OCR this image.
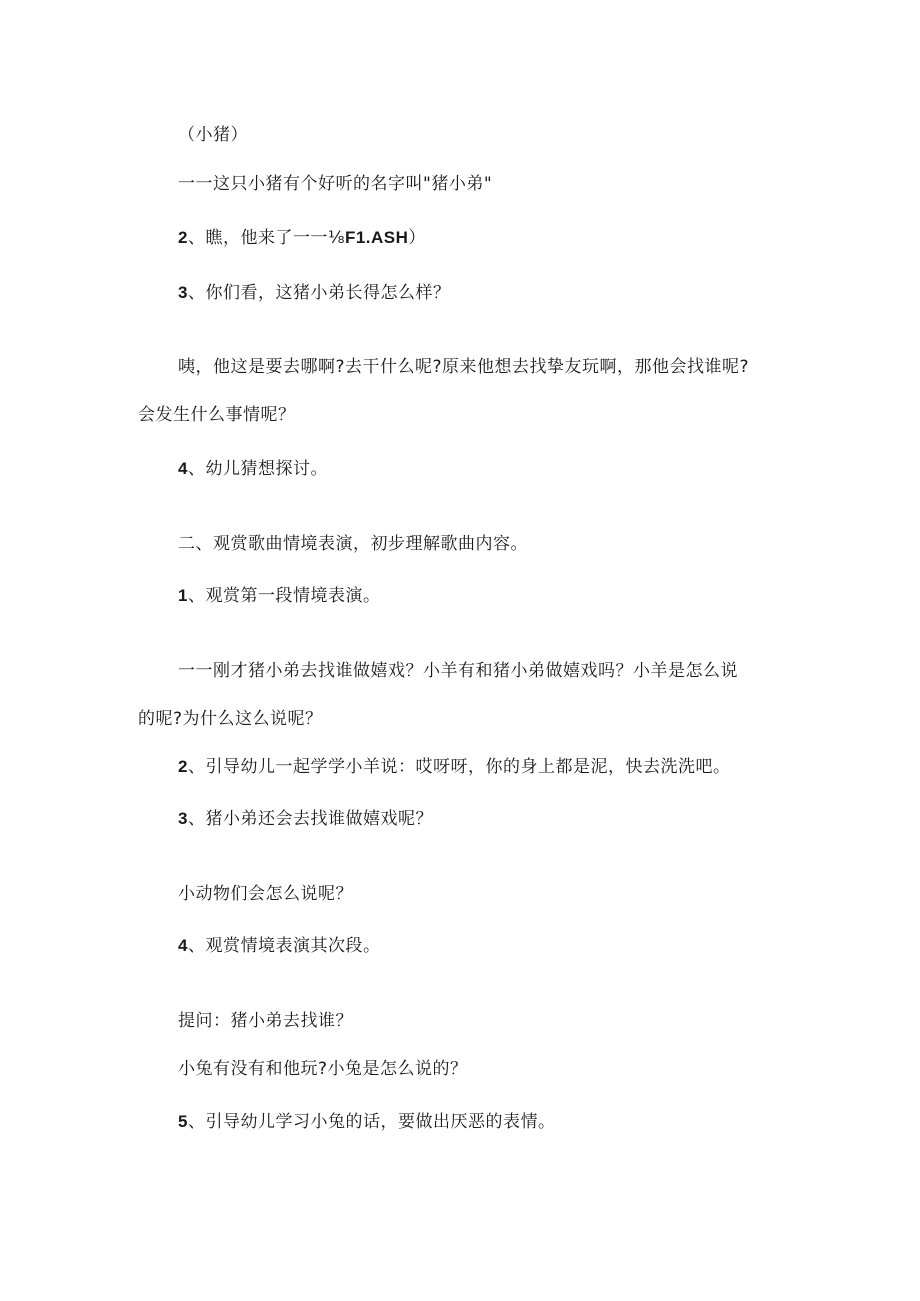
（小猪）
一一这只小猪有个好听的名字叫"猪小弟"
2、瞧，他来了一一⅛F1.ASH）
3、你们看，这猪小弟长得怎么样？
咦，他这是要去哪啊?去干什么呢?原来他想去找挚友玩啊，那他会找谁呢?
会发生什么事情呢？
4、幼儿猜想探讨。
二、观赏歌曲情境表演，初步理解歌曲内容。
1、观赏第一段情境表演。
一一刚才猪小弟去找谁做嬉戏？小羊有和猪小弟做嬉戏吗？小羊是怎么说
的呢?为什么这么说呢？
2、引导幼儿一起学学小羊说：哎呀呀，你的身上都是泥，快去洗洗吧。
3、猪小弟还会去找谁做嬉戏呢？
小动物们会怎么说呢？
4、观赏情境表演其次段。
提问：猪小弟去找谁？
小兔有没有和他玩?小兔是怎么说的？
5、引导幼儿学习小兔的话，要做出厌恶的表情。
